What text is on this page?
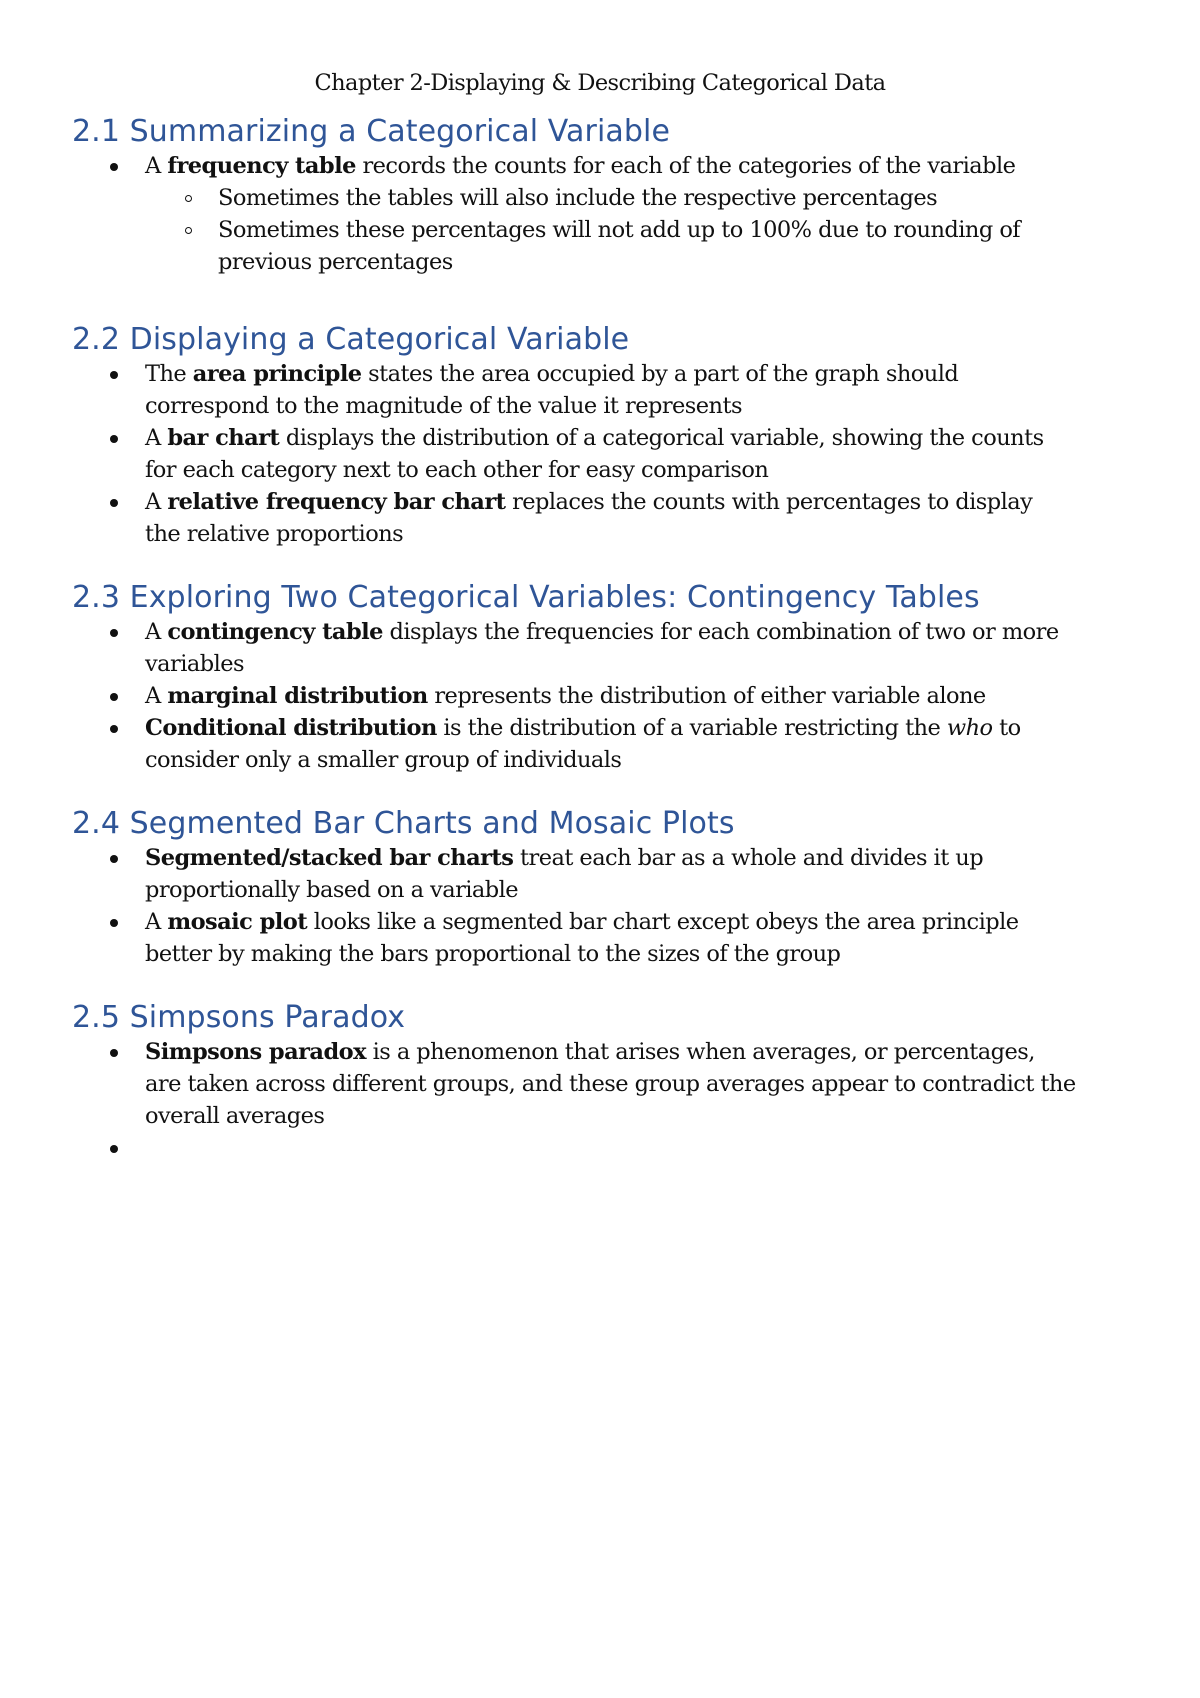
Chapter 2-Displaying & Describing Categorical Data
2.1 Summarizing a Categorical Variable
A frequency table records the counts for each of the categories of the variable
Sometimes the tables will also include the respective percentages
Sometimes these percentages will not add up to 100% due to rounding of
previous percentages
2.2 Displaying a Categorical Variable
The area principle states the area occupied by a part of the graph should
correspond to the magnitude of the value it represents
A bar chart displays the distribution of a categorical variable, showing the counts
for each category next to each other for easy comparison
A relative frequency bar chart replaces the counts with percentages to display
the relative proportions
2.3 Exploring Two Categorical Variables: Contingency Tables
A contingency table displays the frequencies for each combination of two or more
variables
A marginal distribution represents the distribution of either variable alone
Conditional distribution is the distribution of a variable restricting the who to
consider only a smaller group of individuals
2.4 Segmented Bar Charts and Mosaic Plots
Segmented/stacked bar charts treat each bar as a whole and divides it up
proportionally based on a variable
A mosaic plot looks like a segmented bar chart except obeys the area principle
better by making the bars proportional to the sizes of the group
2.5 Simpsons Paradox
Simpsons paradox is a phenomenon that arises when averages, or percentages,
are taken across different groups, and these group averages appear to contradict the
overall averages
